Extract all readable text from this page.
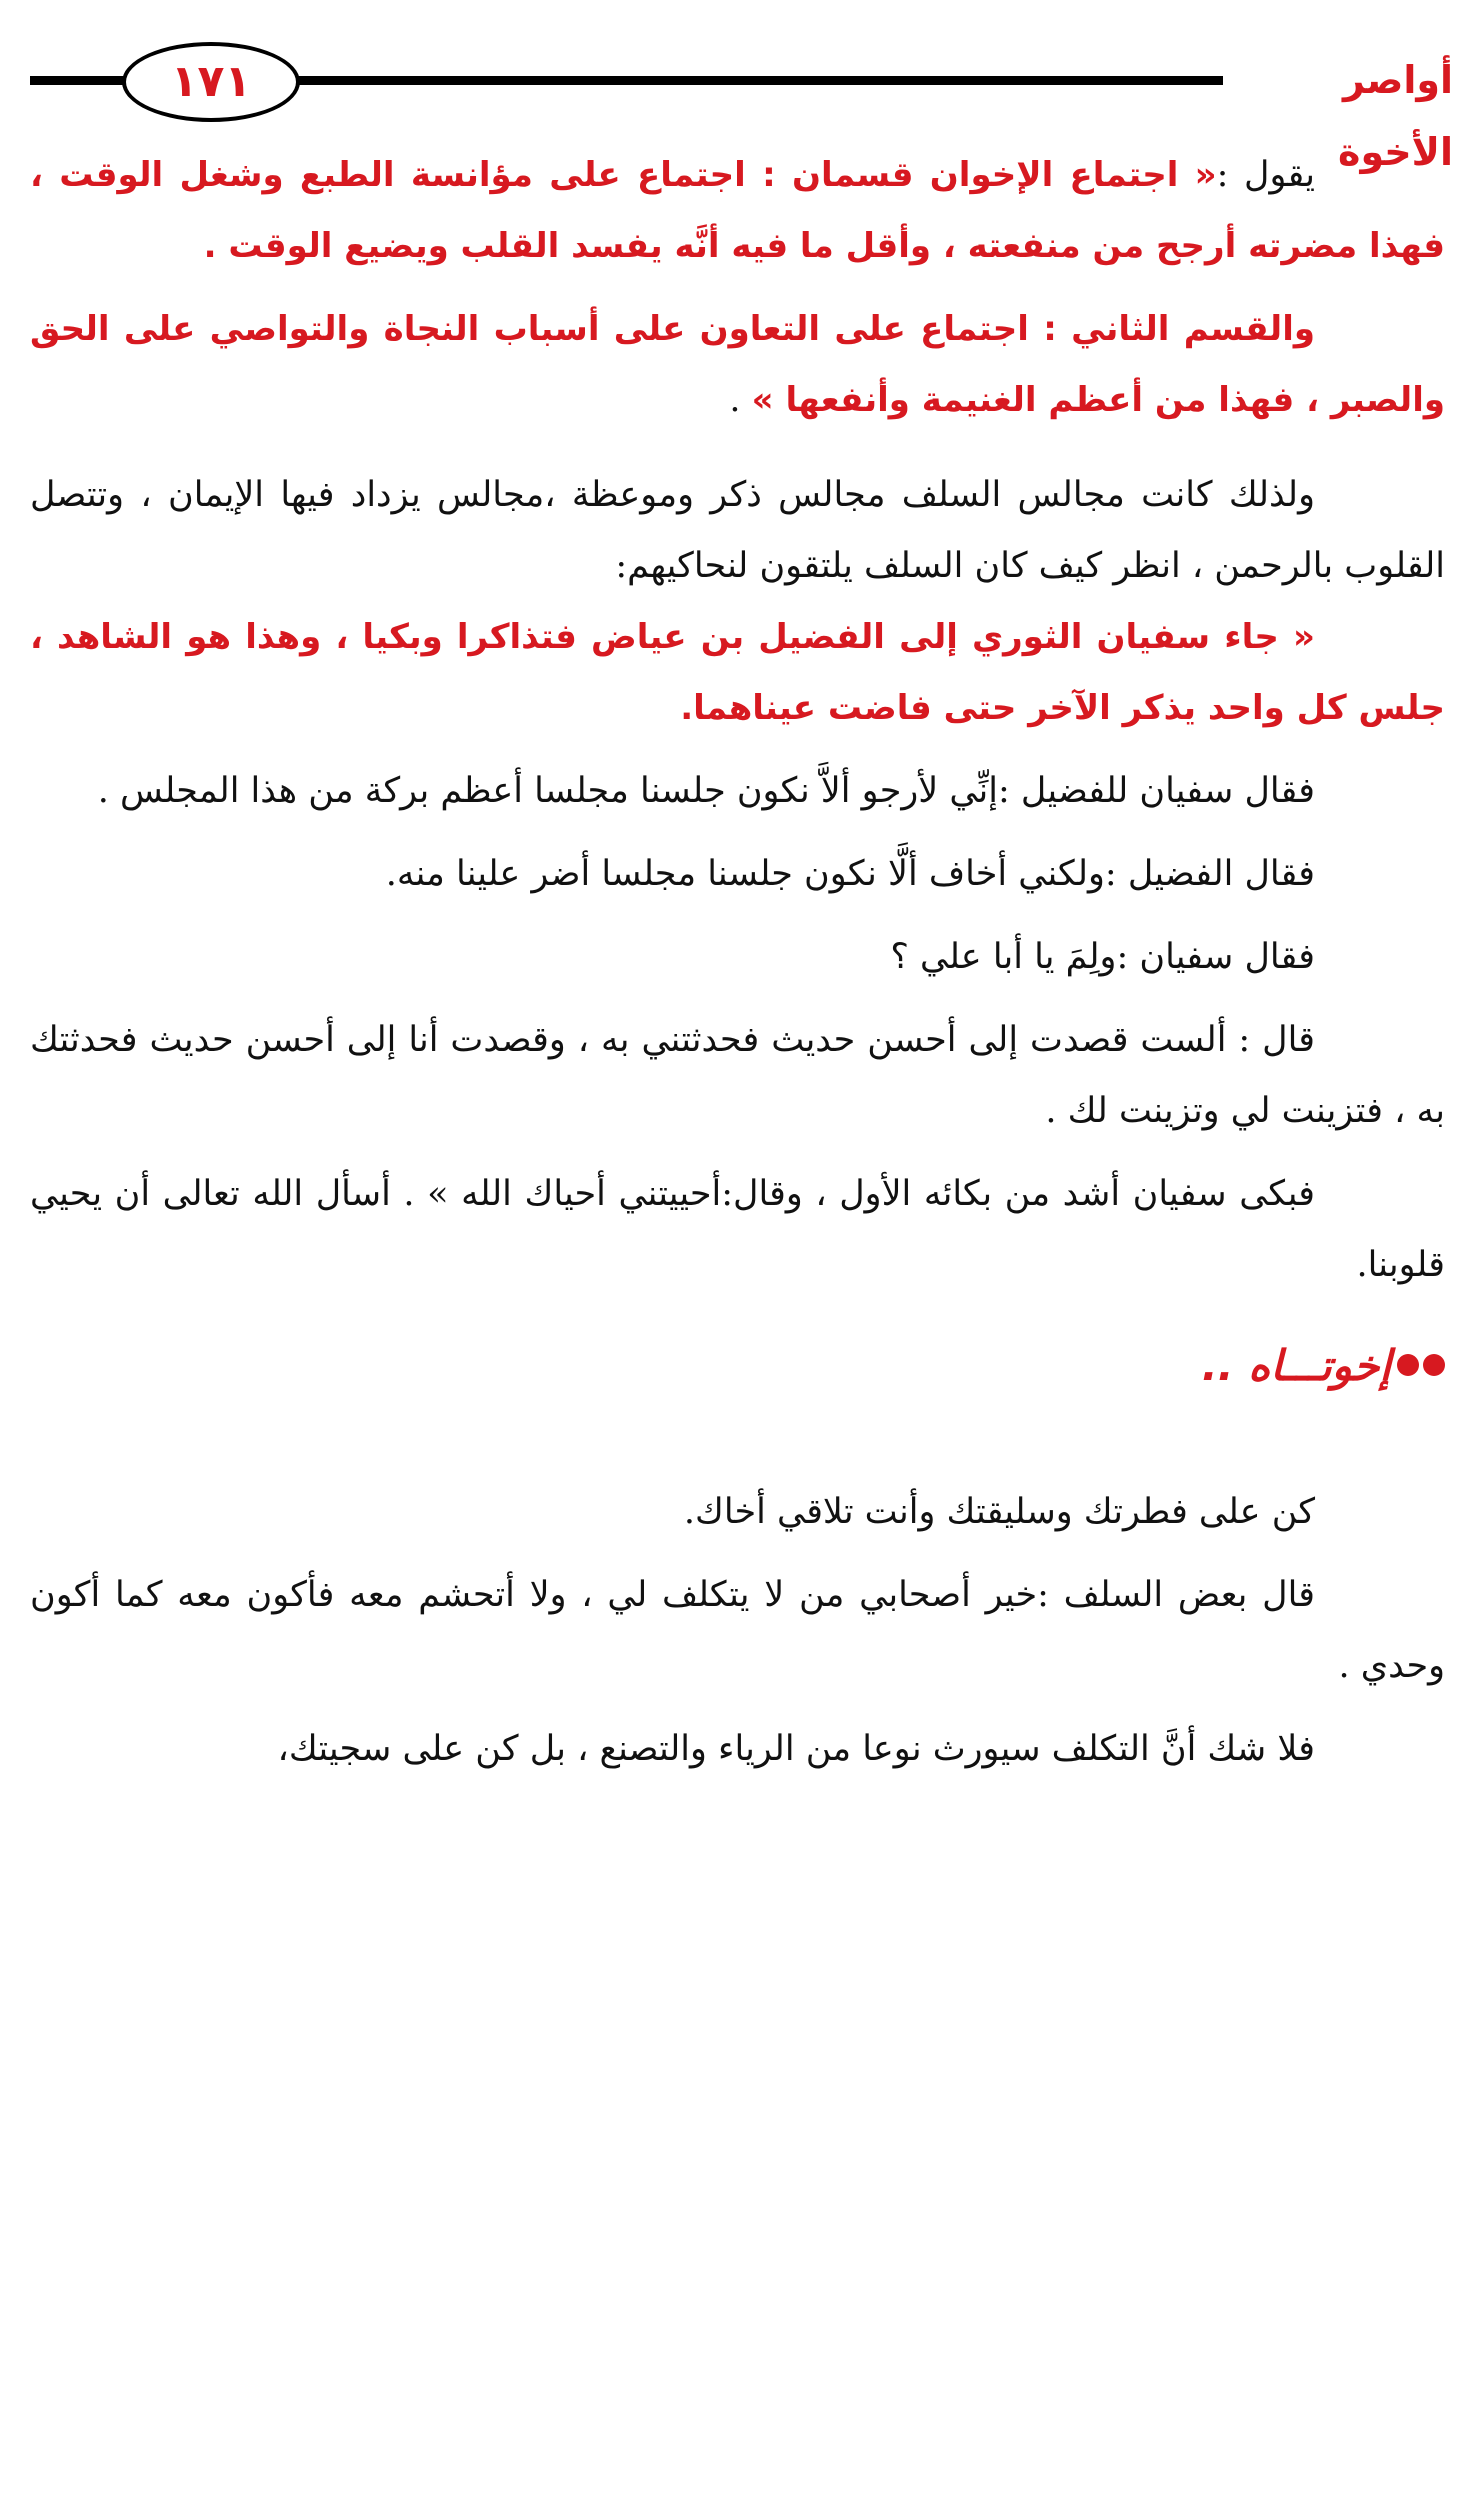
١٧١	أواصر الأخوة

يقول :« اجتماع الإخوان قسمان : اجتماع على مؤانسة الطبع وشغل الوقت ، فهذا مضرته أرجح من منفعته ، وأقل ما فيه أنَّه يفسد القلب ويضيع الوقت .

والقسم الثاني : اجتماع على التعاون على أسباب النجاة والتواصي على الحق والصبر ، فهذا من أعظم الغنيمة وأنفعها » .

ولذلك كانت مجالس السلف مجالس ذكر وموعظة ،مجالس يزداد فيها الإيمان ، وتتصل القلوب بالرحمن ، انظر كيف كان السلف يلتقون لنحاكيهم:

« جاء سفيان الثوري إلى الفضيل بن عياض فتذاكرا وبكيا ، وهذا هو الشاهد ، جلس كل واحد يذكر الآخر حتى فاضت عيناهما.

فقال سفيان للفضيل :إنِّي لأرجو ألاَّ نكون جلسنا مجلسا أعظم بركة من هذا المجلس .

فقال الفضيل :ولكني أخاف ألَّا نكون جلسنا مجلسا أضر علينا منه.

فقال سفيان :ولِمَ يا أبا علي ؟

قال : ألست قصدت إلى أحسن حديث فحدثتني به ، وقصدت أنا إلى أحسن حديث فحدثتك به ، فتزينت لي وتزينت لك .

فبكى سفيان أشد من بكائه الأول ، وقال:أحييتني أحياك الله » . أسأل الله تعالى أن يحيي قلوبنا.

إخوتـــاه ..

كن على فطرتك وسليقتك وأنت تلاقي أخاك.

قال بعض السلف :خير أصحابي من لا يتكلف لي ، ولا أتحشم معه فأكون معه كما أكون وحدي .

فلا شك أنَّ التكلف سيورث نوعا من الرياء والتصنع ، بل كن على سجيتك،
